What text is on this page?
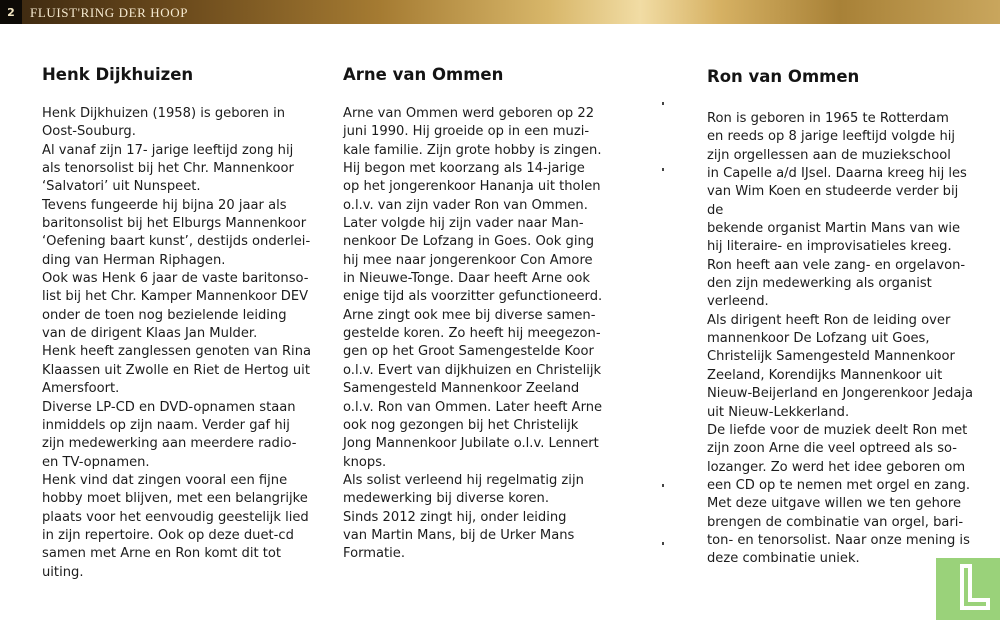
2	FLUIST'RING DER HOOP
Henk Dijkhuizen
Henk Dijkhuizen (1958) is geboren in
Oost-Souburg.
Al vanaf zijn 17- jarige leeftijd zong hij
als tenorsolist bij het Chr. Mannenkoor
‘Salvatori’ uit Nunspeet.
Tevens fungeerde hij bijna 20 jaar als
baritonsolist bij het Elburgs Mannenkoor
‘Oefening baart kunst’, destijds onderlei-
ding van Herman Riphagen.
Ook was Henk 6 jaar de vaste baritonso-
list bij het Chr. Kamper Mannenkoor DEV
onder de toen nog bezielende leiding
van de dirigent Klaas Jan Mulder.
Henk heeft zanglessen genoten van Rina
Klaassen uit Zwolle en Riet de Hertog uit
Amersfoort.
Diverse LP-CD en DVD-opnamen staan
inmiddels op zijn naam. Verder gaf hij
zijn medewerking aan meerdere radio-
en TV-opnamen.
Henk vind dat zingen vooral een fijne
hobby moet blijven, met een belangrijke
plaats voor het eenvoudig geestelijk lied
in zijn repertoire. Ook op deze duet-cd
samen met Arne en Ron komt dit tot
uiting.
Arne van Ommen
Arne van Ommen werd geboren op 22
juni 1990. Hij groeide op in een muzi-
kale familie. Zijn grote hobby is zingen.
Hij begon met koorzang als 14-jarige
op het jongerenkoor Hananja uit tholen
o.l.v. van zijn vader Ron van Ommen.
Later volgde hij zijn vader naar Man-
nenkoor De Lofzang in Goes. Ook ging
hij mee naar jongerenkoor Con Amore
in Nieuwe-Tonge. Daar heeft Arne ook
enige tijd als voorzitter gefunctioneerd.
Arne zingt ook mee bij diverse samen-
gestelde koren. Zo heeft hij meegezon-
gen op het Groot Samengestelde Koor
o.l.v. Evert van dijkhuizen en Christelijk
Samengesteld Mannenkoor Zeeland
o.l.v. Ron van Ommen. Later heeft Arne
ook nog gezongen bij het Christelijk
Jong Mannenkoor Jubilate o.l.v. Lennert
knops.
Als solist verleend hij regelmatig zijn
medewerking bij diverse koren.
Sinds 2012 zingt hij, onder leiding
van Martin Mans, bij de Urker Mans
Formatie.
Ron van Ommen
Ron is geboren in 1965 te Rotterdam
en reeds op 8 jarige leeftijd volgde hij
zijn orgellessen aan de muziekschool
in Capelle a/d IJsel. Daarna kreeg hij les
van Wim Koen en studeerde verder bij de
bekende organist Martin Mans van wie
hij literaire- en improvisatieles kreeg.
Ron heeft aan vele zang- en orgelavon-
den zijn medewerking als organist
verleend.
Als dirigent heeft Ron de leiding over
mannenkoor De Lofzang uit Goes,
Christelijk Samengesteld Mannenkoor
Zeeland, Korendijks Mannenkoor uit
Nieuw-Beijerland en Jongerenkoor Jedaja
uit Nieuw-Lekkerland.
De liefde voor de muziek deelt Ron met
zijn zoon Arne die veel optreed als so-
lozanger. Zo werd het idee geboren om
een CD op te nemen met orgel en zang.
Met deze uitgave willen we ten gehore
brengen de combinatie van orgel, bari-
ton- en tenorsolist. Naar onze mening is
deze combinatie uniek.
